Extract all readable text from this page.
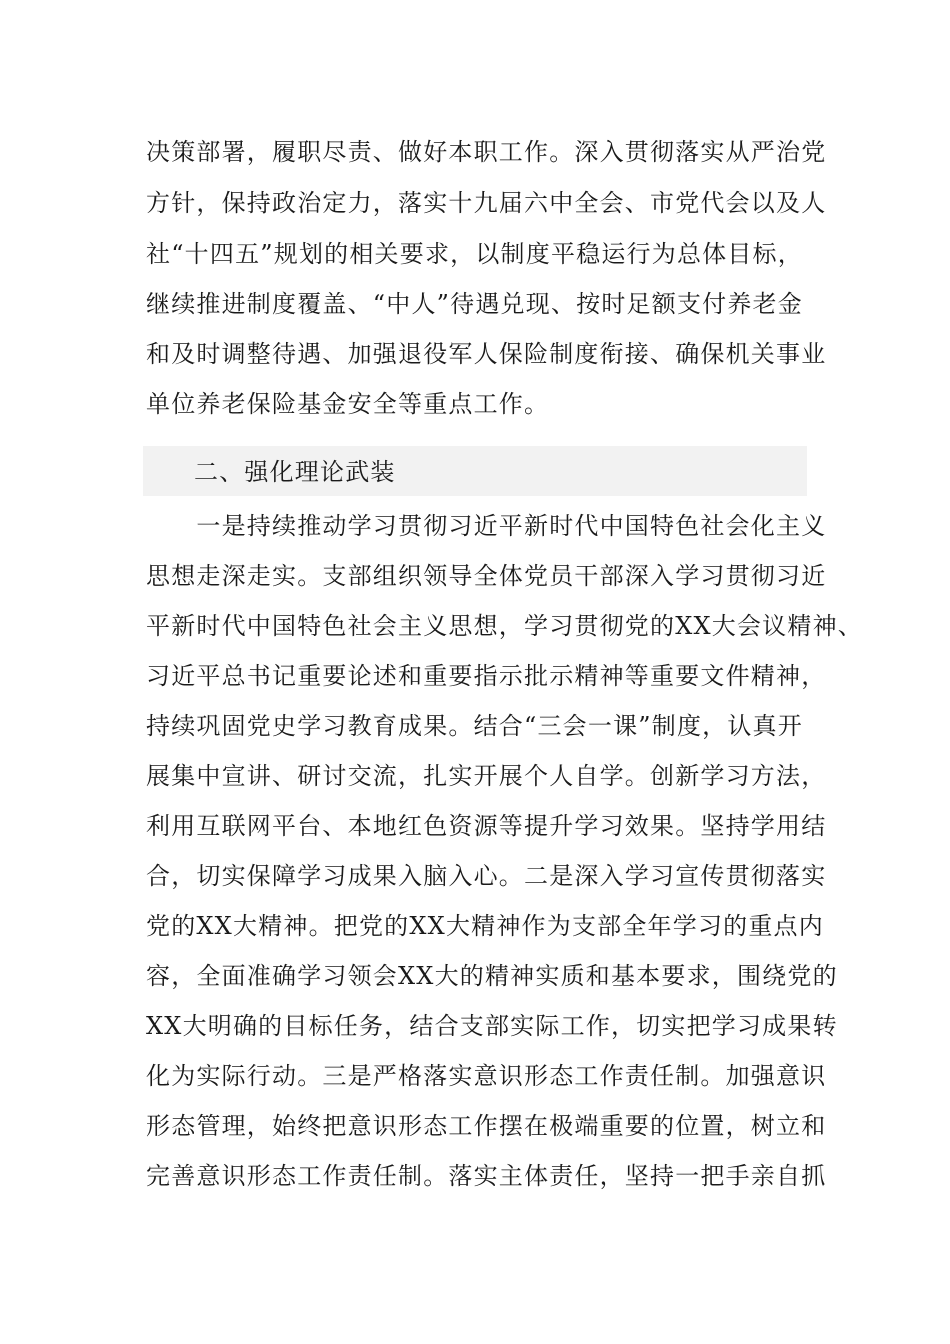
决策部署，履职尽责、做好本职工作。深入贯彻落实从严治党
方针，保持政治定力，落实十九届六中全会、市党代会以及人
社“十四五”规划的相关要求，以制度平稳运行为总体目标，
继续推进制度覆盖、“中人”待遇兑现、按时足额支付养老金
和及时调整待遇、加强退役军人保险制度衔接、确保机关事业
单位养老保险基金安全等重点工作。
二、强化理论武装
　　一是持续推动学习贯彻习近平新时代中国特色社会化主义
思想走深走实。支部组织领导全体党员干部深入学习贯彻习近
平新时代中国特色社会主义思想，学习贯彻党的XX大会议精神、
习近平总书记重要论述和重要指示批示精神等重要文件精神，
持续巩固党史学习教育成果。结合“三会一课”制度，认真开
展集中宣讲、研讨交流，扎实开展个人自学。创新学习方法，
利用互联网平台、本地红色资源等提升学习效果。坚持学用结
合，切实保障学习成果入脑入心。二是深入学习宣传贯彻落实
党的XX大精神。把党的XX大精神作为支部全年学习的重点内
容，全面准确学习领会XX大的精神实质和基本要求，围绕党的
XX大明确的目标任务，结合支部实际工作，切实把学习成果转
化为实际行动。三是严格落实意识形态工作责任制。加强意识
形态管理，始终把意识形态工作摆在极端重要的位置，树立和
完善意识形态工作责任制。落实主体责任，坚持一把手亲自抓
